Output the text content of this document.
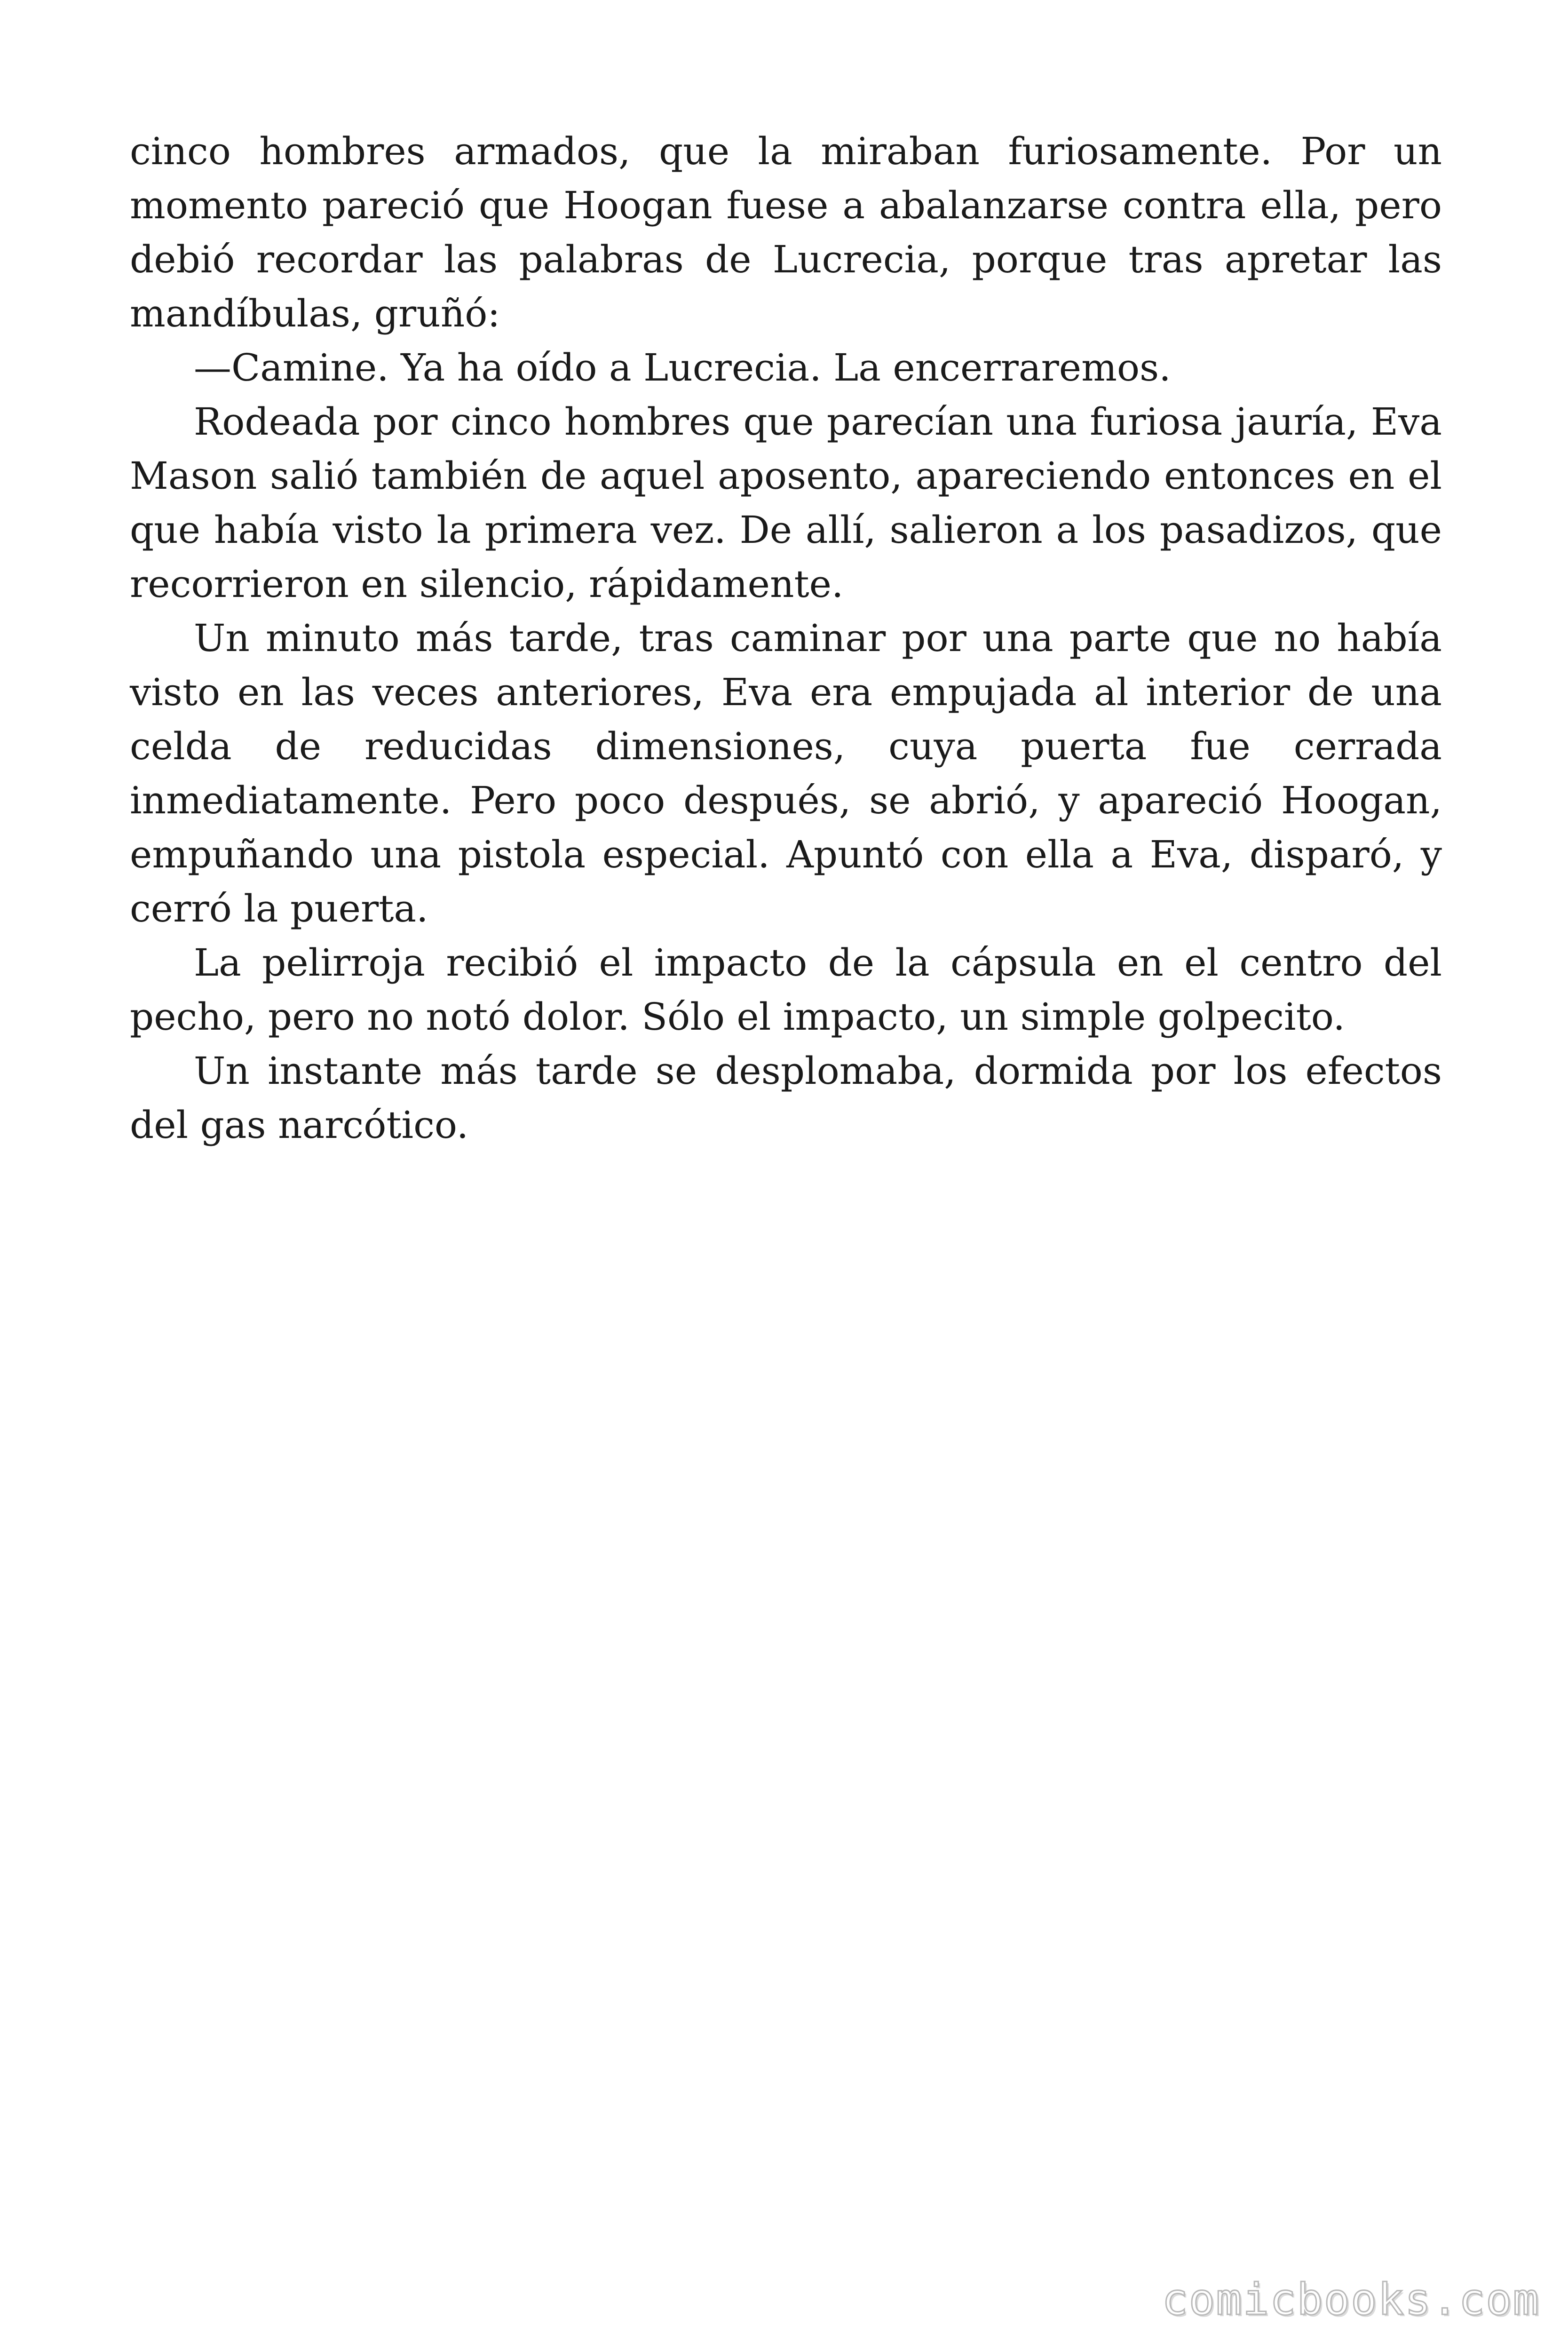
cinco hombres armados, que la miraban furiosamente. Por un momento pareció que Hoogan fuese a abalanzarse contra ella, pero debió recordar las palabras de Lucrecia, porque tras apretar las mandíbulas, gruñó:

—Camine. Ya ha oído a Lucrecia. La encerraremos.

Rodeada por cinco hombres que parecían una furiosa jauría, Eva Mason salió también de aquel aposento, apareciendo entonces en el que había visto la primera vez. De allí, salieron a los pasadizos, que recorrieron en silencio, rápidamente.

Un minuto más tarde, tras caminar por una parte que no había visto en las veces anteriores, Eva era empujada al interior de una celda de reducidas dimensiones, cuya puerta fue cerrada inmediatamente. Pero poco después, se abrió, y apareció Hoogan, empuñando una pistola especial. Apuntó con ella a Eva, disparó, y cerró la puerta.

La pelirroja recibió el impacto de la cápsula en el centro del pecho, pero no notó dolor. Sólo el impacto, un simple golpecito.

Un instante más tarde se desplomaba, dormida por los efectos del gas narcótico.

comicbooks.com
